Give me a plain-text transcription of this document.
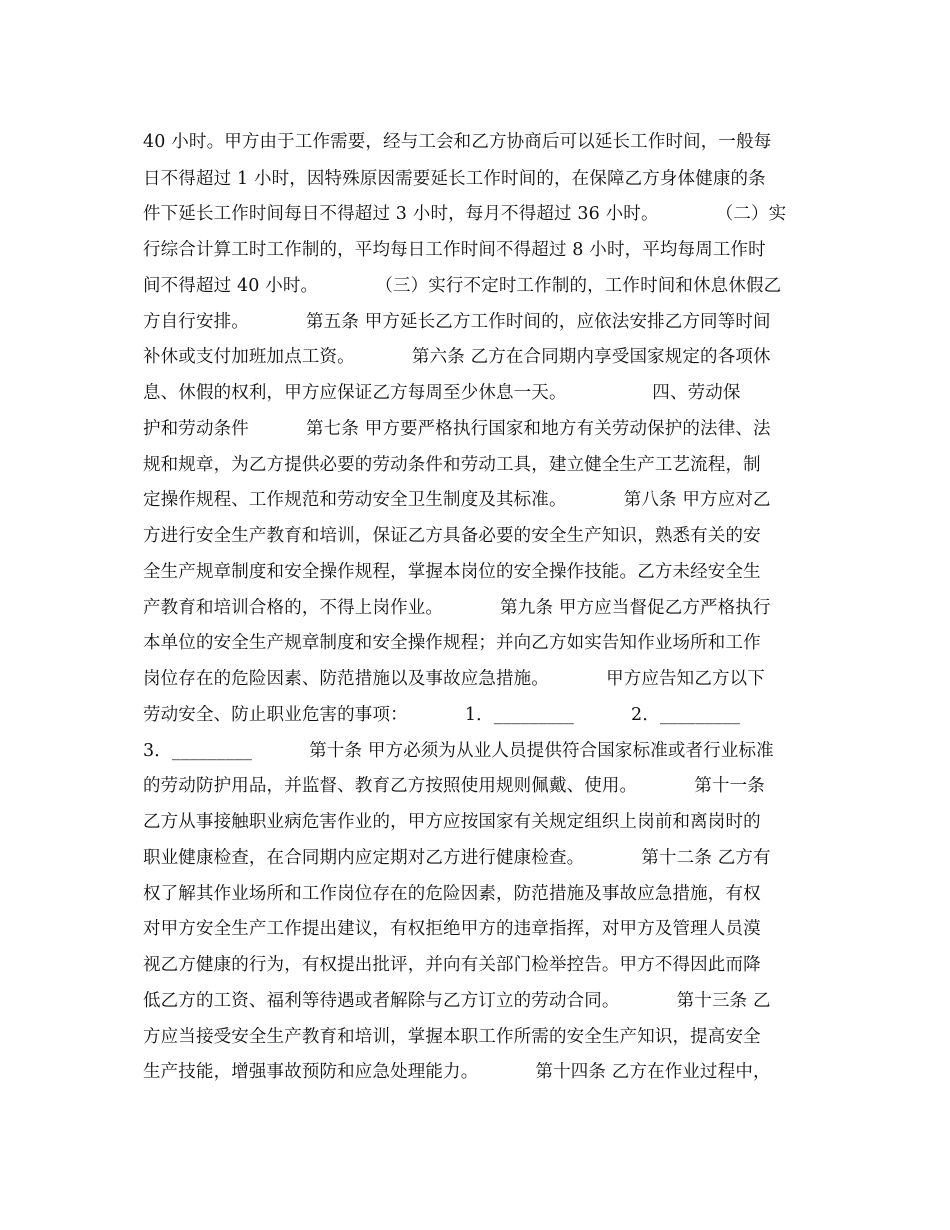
40 小时。甲方由于工作需要，经与工会和乙方协商后可以延长工作时间，一般每
日不得超过 1 小时，因特殊原因需要延长工作时间的，在保障乙方身体健康的条
件下延长工作时间每日不得超过 3 小时，每月不得超过 36 小时。          （二）实
行综合计算工时工作制的，平均每日工作时间不得超过 8 小时，平均每周工作时
间不得超过 40 小时。          （三）实行不定时工作制的，工作时间和休息休假乙
方自行安排。          第五条 甲方延长乙方工作时间的，应依法安排乙方同等时间
补休或支付加班加点工资。          第六条 乙方在合同期内享受国家规定的各项休
息、休假的权利，甲方应保证乙方每周至少休息一天。               四、劳动保
护和劳动条件          第七条 甲方要严格执行国家和地方有关劳动保护的法律、法
规和规章，为乙方提供必要的劳动条件和劳动工具，建立健全生产工艺流程，制
定操作规程、工作规范和劳动安全卫生制度及其标准。          第八条 甲方应对乙
方进行安全生产教育和培训，保证乙方具备必要的安全生产知识，熟悉有关的安
全生产规章制度和安全操作规程，掌握本岗位的安全操作技能。乙方未经安全生
产教育和培训合格的，不得上岗作业。          第九条 甲方应当督促乙方严格执行
本单位的安全生产规章制度和安全操作规程；并向乙方如实告知作业场所和工作
岗位存在的危险因素、防范措施以及事故应急措施。          甲方应告知乙方以下
劳动安全、防止职业危害的事项：          1．_________          2．_________
3．_________          第十条 甲方必须为从业人员提供符合国家标准或者行业标准
的劳动防护用品，并监督、教育乙方按照使用规则佩戴、使用。          第十一条
乙方从事接触职业病危害作业的，甲方应按国家有关规定组织上岗前和离岗时的
职业健康检查，在合同期内应定期对乙方进行健康检查。          第十二条 乙方有
权了解其作业场所和工作岗位存在的危险因素，防范措施及事故应急措施，有权
对甲方安全生产工作提出建议，有权拒绝甲方的违章指挥，对甲方及管理人员漠
视乙方健康的行为，有权提出批评，并向有关部门检举控告。甲方不得因此而降
低乙方的工资、福利等待遇或者解除与乙方订立的劳动合同。          第十三条 乙
方应当接受安全生产教育和培训，掌握本职工作所需的安全生产知识，提高安全
生产技能，增强事故预防和应急处理能力。          第十四条 乙方在作业过程中，
